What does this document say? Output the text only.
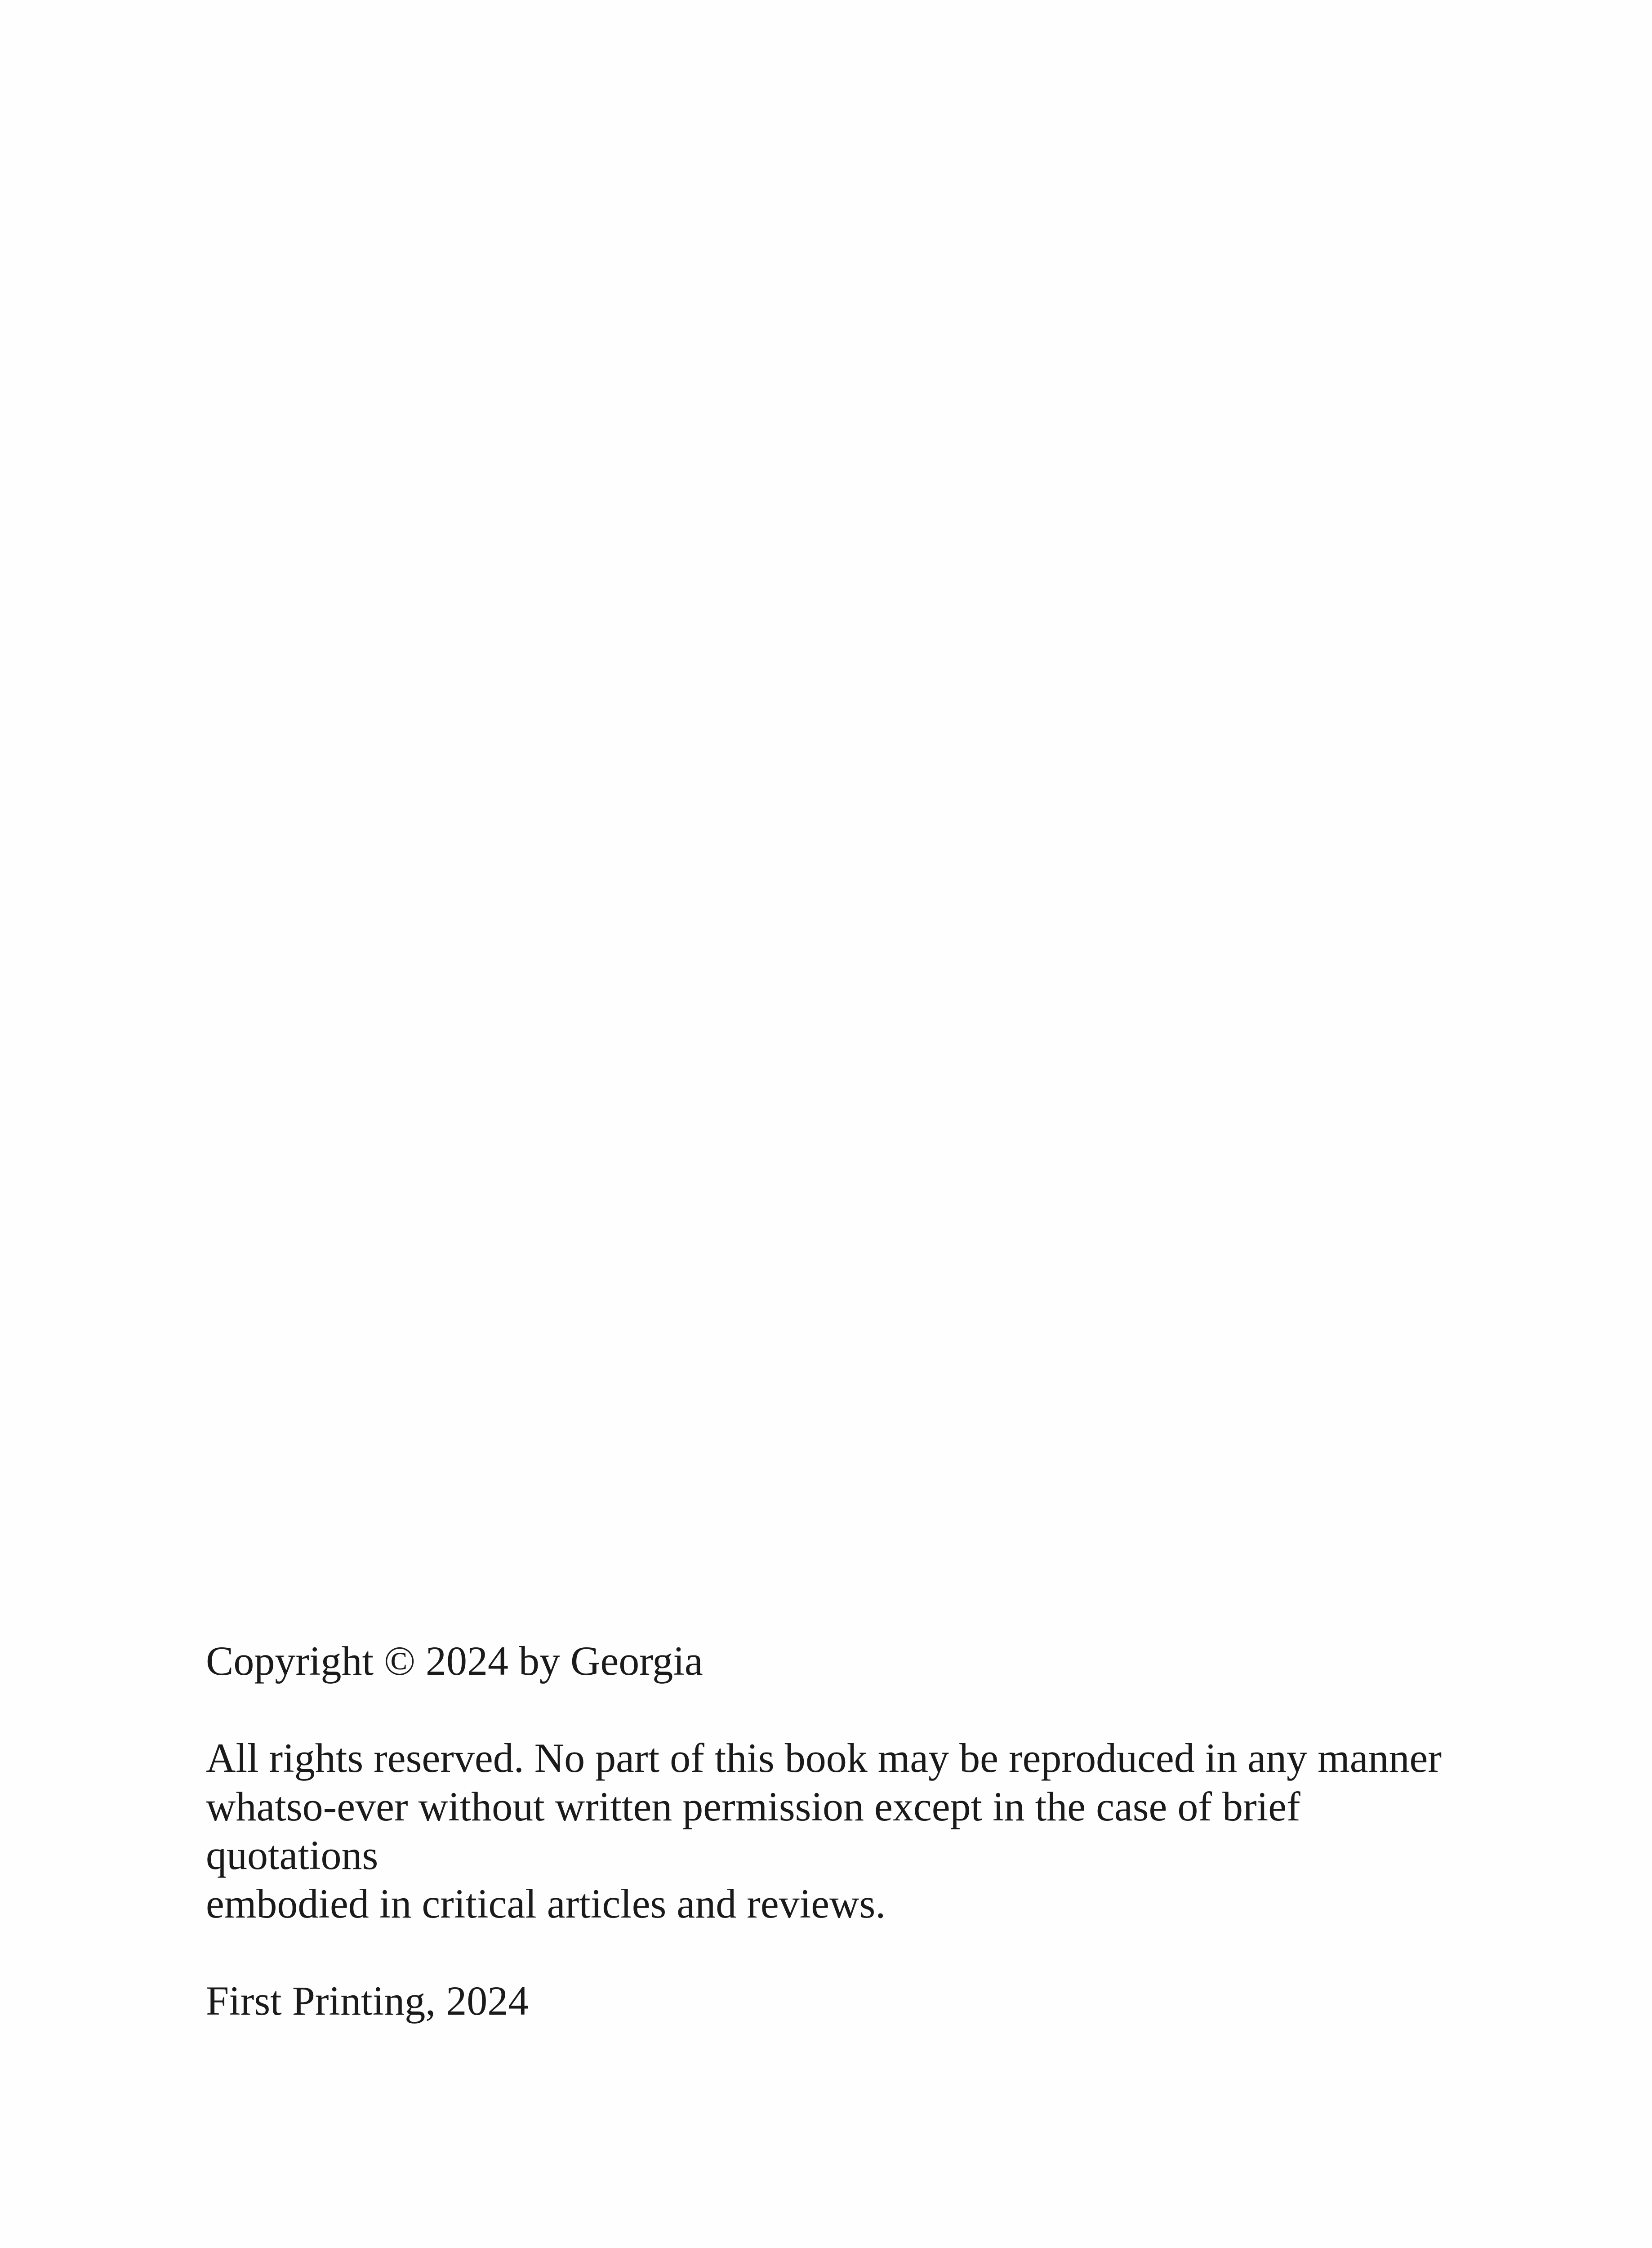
Copyright © 2024 by Georgia

All rights reserved. No part of this book may be reproduced in any manner
whatso-ever without written permission except in the case of brief
quotations
embodied in critical articles and reviews.

First Printing, 2024
